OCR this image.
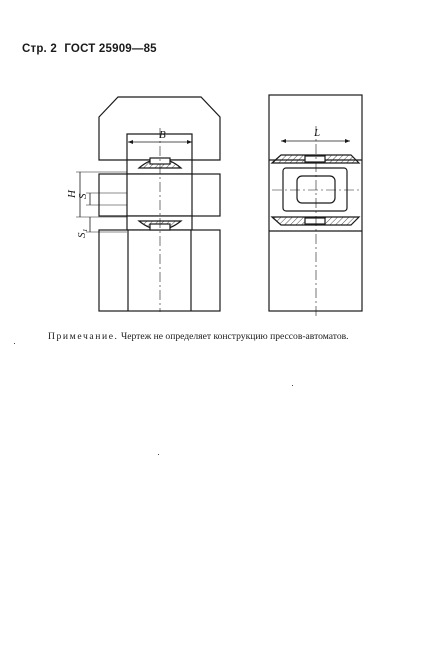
Стр. 2 ГОСТ 25909—85
B	L
H S
S₁
Примечание. Чертеж не определяет конструкцию прессов-автоматов.
